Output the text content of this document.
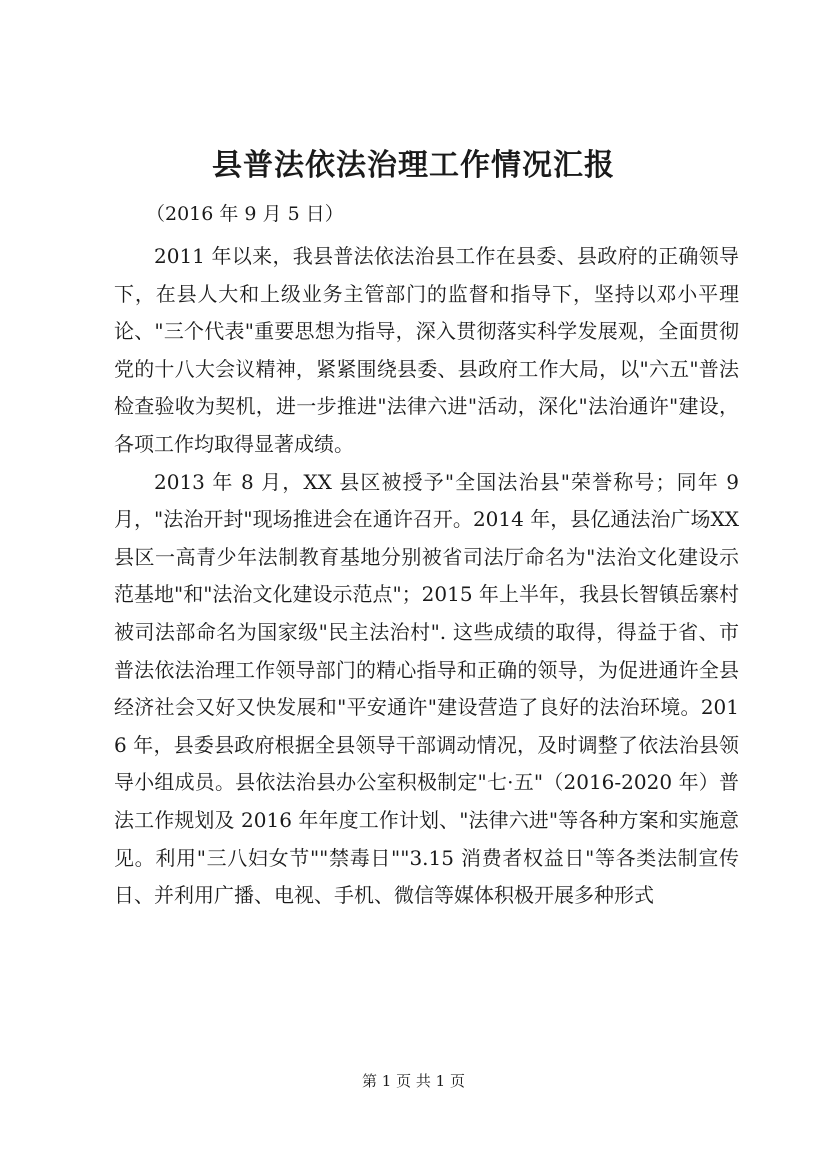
县普法依法治理工作情况汇报
（2016 年 9 月 5 日）

2011 年以来，我县普法依法治县工作在县委、县政府的正确领导下，在县人大和上级业务主管部门的监督和指导下，坚持以邓小平理论、"三个代表"重要思想为指导，深入贯彻落实科学发展观，全面贯彻党的十八大会议精神，紧紧围绕县委、县政府工作大局，以"六五"普法检查验收为契机，进一步推进"法律六进"活动，深化"法治通许"建设，各项工作均取得显著成绩。

2013 年 8 月，XX 县区被授予"全国法治县"荣誉称号；同年 9 月，"法治开封"现场推进会在通许召开。2014 年，县亿通法治广场XX县区一高青少年法制教育基地分别被省司法厅命名为"法治文化建设示范基地"和"法治文化建设示范点"；2015 年上半年，我县长智镇岳寨村被司法部命名为国家级"民主法治村". 这些成绩的取得，得益于省、市普法依法治理工作领导部门的精心指导和正确的领导，为促进通许全县经济社会又好又快发展和"平安通许"建设营造了良好的法治环境。2016 年，县委县政府根据全县领导干部调动情况，及时调整了依法治县领导小组成员。县依法治县办公室积极制定"七·五"（2016-2020 年）普法工作规划及 2016 年年度工作计划、"法律六进"等各种方案和实施意见。利用"三八妇女节""禁毒日""3.15 消费者权益日"等各类法制宣传日、并利用广播、电视、手机、微信等媒体积极开展多种形式

第 1 页 共 1 页
